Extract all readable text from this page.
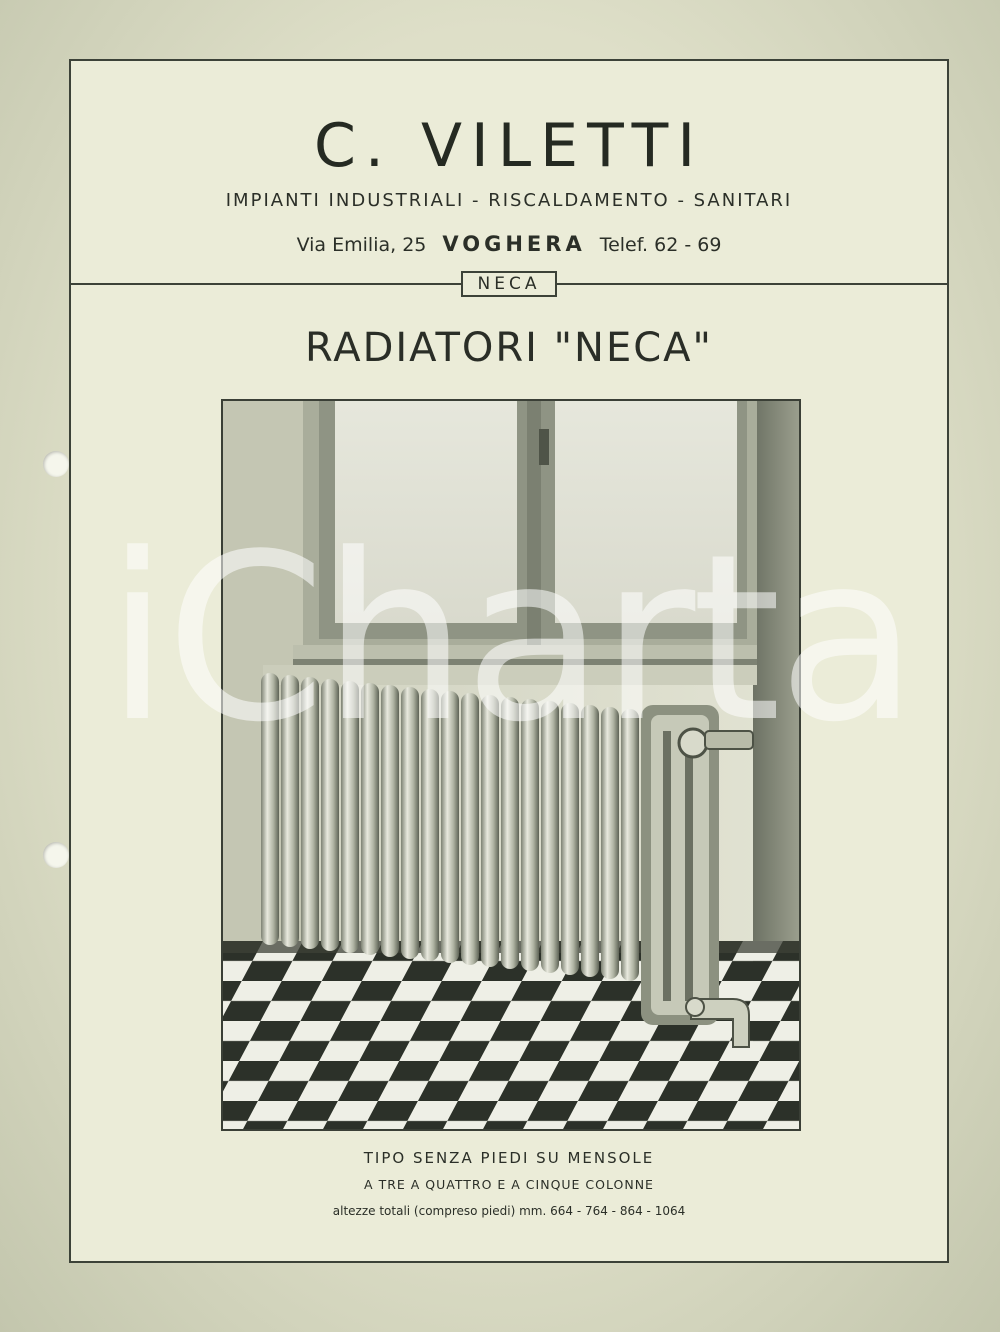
C. VILETTI
IMPIANTI INDUSTRIALI - RISCALDAMENTO - SANITARI
Via Emilia, 25 VOGHERA Telef. 62 - 69
NECA
RADIATORI "NECA"
TIPO SENZA PIEDI SU MENSOLE
A TRE A QUATTRO E A CINQUE COLONNE
altezze totali (compreso piedi) mm. 664 - 764 - 864 - 1064
iCharta
